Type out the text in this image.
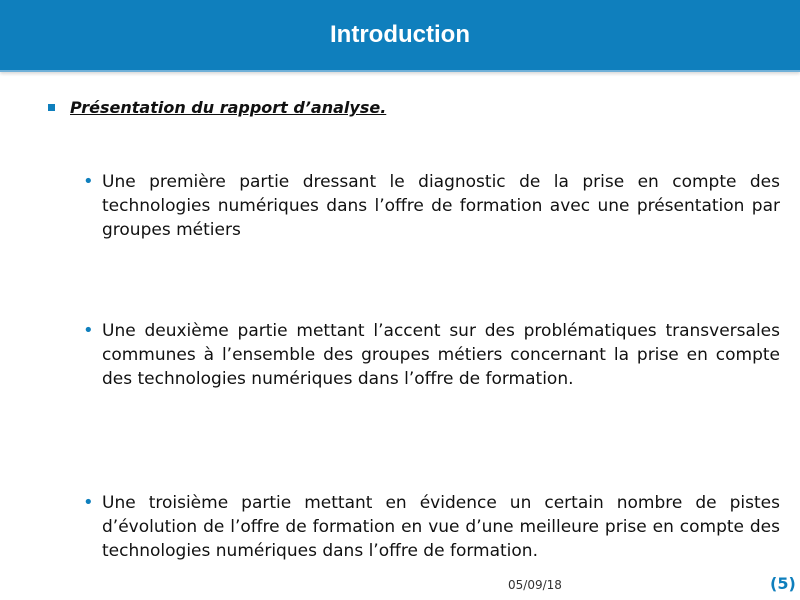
Introduction
Présentation du rapport d’analyse.
• Une première partie dressant le diagnostic de la prise en compte des technologies numériques dans l’offre de formation avec une présentation par groupes métiers
• Une deuxième partie mettant l’accent sur des problématiques transversales communes à l’ensemble des groupes métiers concernant la prise en compte des technologies numériques dans l’offre de formation.
• Une troisième partie mettant en évidence un certain nombre de pistes d’évolution de l’offre de formation en vue d’une meilleure prise en compte des technologies numériques dans l’offre de formation.
05/09/18	(5)
